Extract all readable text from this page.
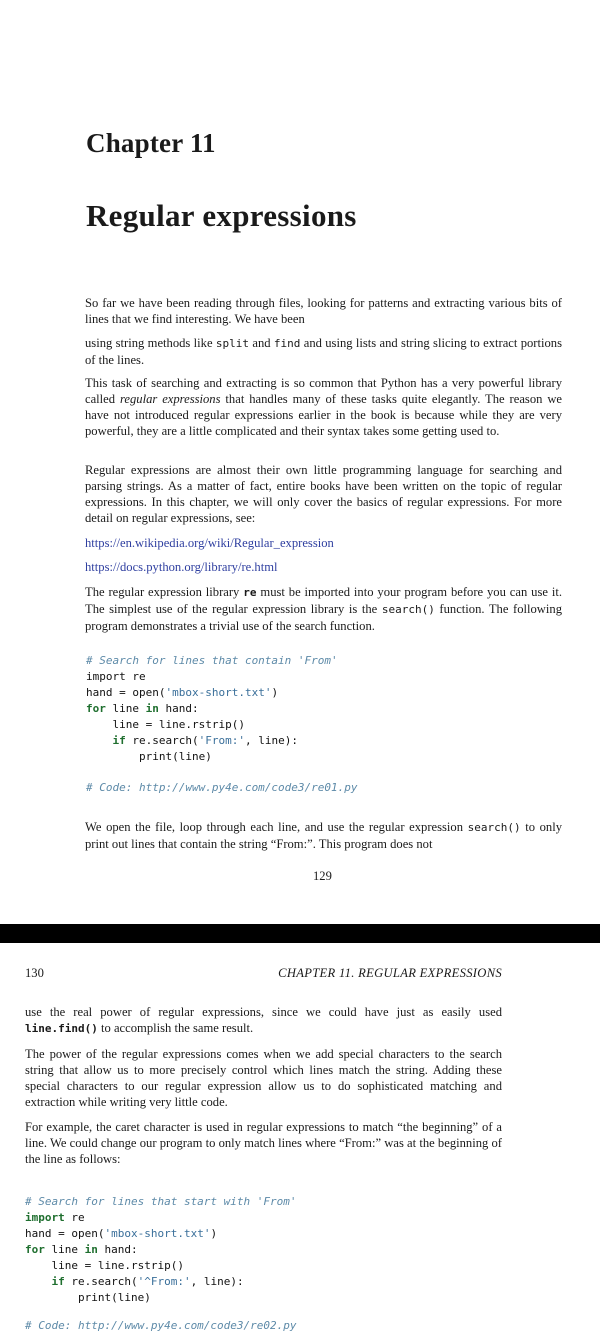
Chapter 11
Regular expressions
So far we have been reading through files, looking for patterns and extracting various bits of lines that we find interesting. We have been
using string methods like split and find and using lists and string slicing to extract portions of the lines.
This task of searching and extracting is so common that Python has a very powerful library called regular expressions that handles many of these tasks quite elegantly. The reason we have not introduced regular expressions earlier in the book is because while they are very powerful, they are a little complicated and their syntax takes some getting used to.
Regular expressions are almost their own little programming language for searching and parsing strings. As a matter of fact, entire books have been written on the topic of regular expressions. In this chapter, we will only cover the basics of regular expressions. For more detail on regular expressions, see:
https://en.wikipedia.org/wiki/Regular_expression
https://docs.python.org/library/re.html
The regular expression library re must be imported into your program before you can use it. The simplest use of the regular expression library is the search() function. The following program demonstrates a trivial use of the search function.
# Search for lines that contain 'From'
import re
hand = open('mbox-short.txt')
for line in hand:
line = line.rstrip()
if re.search('From:', line):
print(line)
# Code: http://www.py4e.com/code3/re01.py
We open the file, loop through each line, and use the regular expression search() to only print out lines that contain the string “From:”. This program does not
129
130	CHAPTER 11. REGULAR EXPRESSIONS
use the real power of regular expressions, since we could have just as easily used line.find() to accomplish the same result.
The power of the regular expressions comes when we add special characters to the search string that allow us to more precisely control which lines match the string. Adding these special characters to our regular expression allow us to do sophisticated matching and extraction while writing very little code.
For example, the caret character is used in regular expressions to match “the beginning” of a line. We could change our program to only match lines where “From:” was at the beginning of the line as follows:
# Search for lines that start with 'From'
import re
hand = open('mbox-short.txt')
for line in hand:
line = line.rstrip()
if re.search('^From:', line):
print(line)
# Code: http://www.py4e.com/code3/re02.py
